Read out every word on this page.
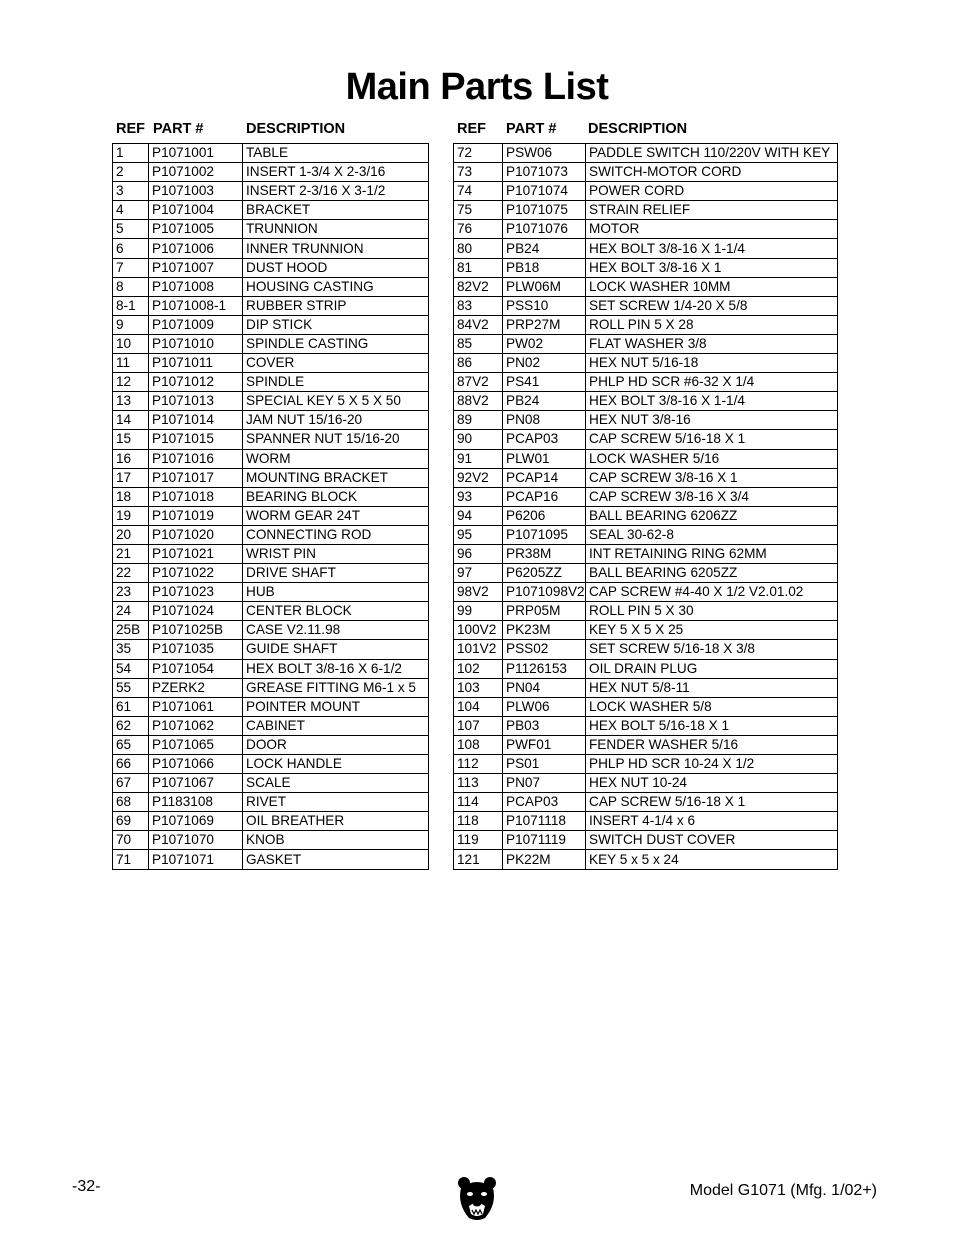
Main Parts List
REF PART #	DESCRIPTION
1	P1071001	TABLE
2	P1071002	INSERT 1-3/4 X 2-3/16
3	P1071003	INSERT 2-3/16 X 3-1/2
4	P1071004	BRACKET
5	P1071005	TRUNNION
6	P1071006	INNER TRUNNION
7	P1071007	DUST HOOD
8	P1071008	HOUSING CASTING
8-1	P1071008-1	RUBBER STRIP
9	P1071009	DIP STICK
10	P1071010	SPINDLE CASTING
11	P1071011	COVER
12	P1071012	SPINDLE
13	P1071013	SPECIAL KEY 5 X 5 X 50
14	P1071014	JAM NUT 15/16-20
15	P1071015	SPANNER NUT 15/16-20
16	P1071016	WORM
17	P1071017	MOUNTING BRACKET
18	P1071018	BEARING BLOCK
19	P1071019	WORM GEAR 24T
20	P1071020	CONNECTING ROD
21	P1071021	WRIST PIN
22	P1071022	DRIVE SHAFT
23	P1071023	HUB
24	P1071024	CENTER BLOCK
25B	P1071025B	CASE V2.11.98
35	P1071035	GUIDE SHAFT
54	P1071054	HEX BOLT 3/8-16 X 6-1/2
55	PZERK2	GREASE FITTING M6-1 x 5
61	P1071061	POINTER MOUNT
62	P1071062	CABINET
65	P1071065	DOOR
66	P1071066	LOCK HANDLE
67	P1071067	SCALE
68	P1183108	RIVET
69	P1071069	OIL BREATHER
70	P1071070	KNOB
71	P1071071	GASKET
REF PART # DESCRIPTION
72	PSW06	PADDLE SWITCH 110/220V WITH KEY
73	P1071073	SWITCH-MOTOR CORD
74	P1071074	POWER CORD
75	P1071075	STRAIN RELIEF
76	P1071076	MOTOR
80	PB24	HEX BOLT 3/8-16 X 1-1/4
81	PB18	HEX BOLT 3/8-16 X 1
82V2	PLW06M	LOCK WASHER 10MM
83	PSS10	SET SCREW 1/4-20 X 5/8
84V2	PRP27M	ROLL PIN 5 X 28
85	PW02	FLAT WASHER 3/8
86	PN02	HEX NUT 5/16-18
87V2	PS41	PHLP HD SCR #6-32 X 1/4
88V2	PB24	HEX BOLT 3/8-16 X 1-1/4
89	PN08	HEX NUT 3/8-16
90	PCAP03	CAP SCREW 5/16-18 X 1
91	PLW01	LOCK WASHER 5/16
92V2	PCAP14	CAP SCREW 3/8-16 X 1
93	PCAP16	CAP SCREW 3/8-16 X 3/4
94	P6206	BALL BEARING 6206ZZ
95	P1071095	SEAL 30-62-8
96	PR38M	INT RETAINING RING 62MM
97	P6205ZZ	BALL BEARING 6205ZZ
98V2	P1071098V2	CAP SCREW #4-40 X 1/2 V2.01.02
99	PRP05M	ROLL PIN 5 X 30
100V2	PK23M	KEY 5 X 5 X 25
101V2	PSS02	SET SCREW 5/16-18 X 3/8
102	P1126153	OIL DRAIN PLUG
103	PN04	HEX NUT 5/8-11
104	PLW06	LOCK WASHER 5/8
107	PB03	HEX BOLT 5/16-18 X 1
108	PWF01	FENDER WASHER 5/16
112	PS01	PHLP HD SCR 10-24 X 1/2
113	PN07	HEX NUT 10-24
114	PCAP03	CAP SCREW 5/16-18 X 1
118	P1071118	INSERT 4-1/4 x 6
119	P1071119	SWITCH DUST COVER
121	PK22M	KEY 5 x 5 x 24
-32-	Model G1071 (Mfg. 1/02+)
